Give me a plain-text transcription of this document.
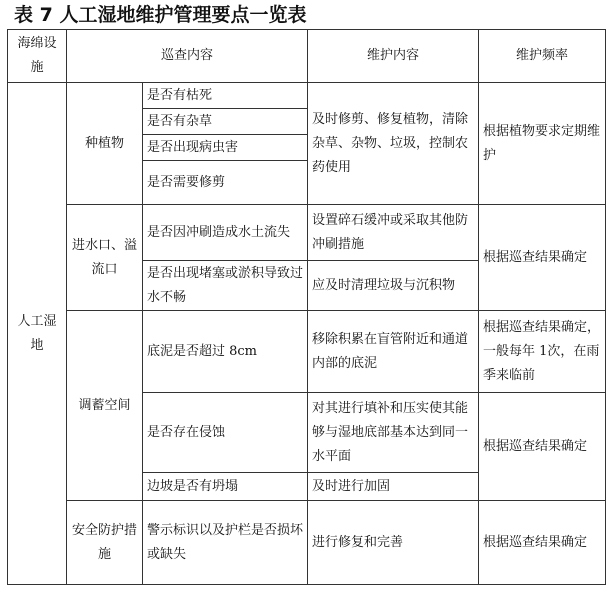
表 7 人工湿地维护管理要点一览表
海绵设施	巡查内容		维护内容	维护频率
人工湿地	种植物	是否有枯死	及时修剪、修复植物，清除杂草、杂物、垃圾，控制农药使用	根据植物要求定期维护
		是否有杂草		
		是否出现病虫害		
		是否需要修剪		
	进水口、溢流口	是否因冲刷造成水土流失	设置碎石缓冲或采取其他防冲刷措施	根据巡查结果确定
		是否出现堵塞或淤积导致过水不畅	应及时清理垃圾与沉积物	
	调蓄空间	底泥是否超过 8cm	移除积累在盲管附近和通道内部的底泥	根据巡查结果确定，一般每年 1次，在雨季来临前
		是否存在侵蚀	对其进行填补和压实使其能够与湿地底部基本达到同一水平面	根据巡查结果确定
		边坡是否有坍塌	及时进行加固	
	安全防护措施	警示标识以及护栏是否损坏或缺失	进行修复和完善	根据巡查结果确定
